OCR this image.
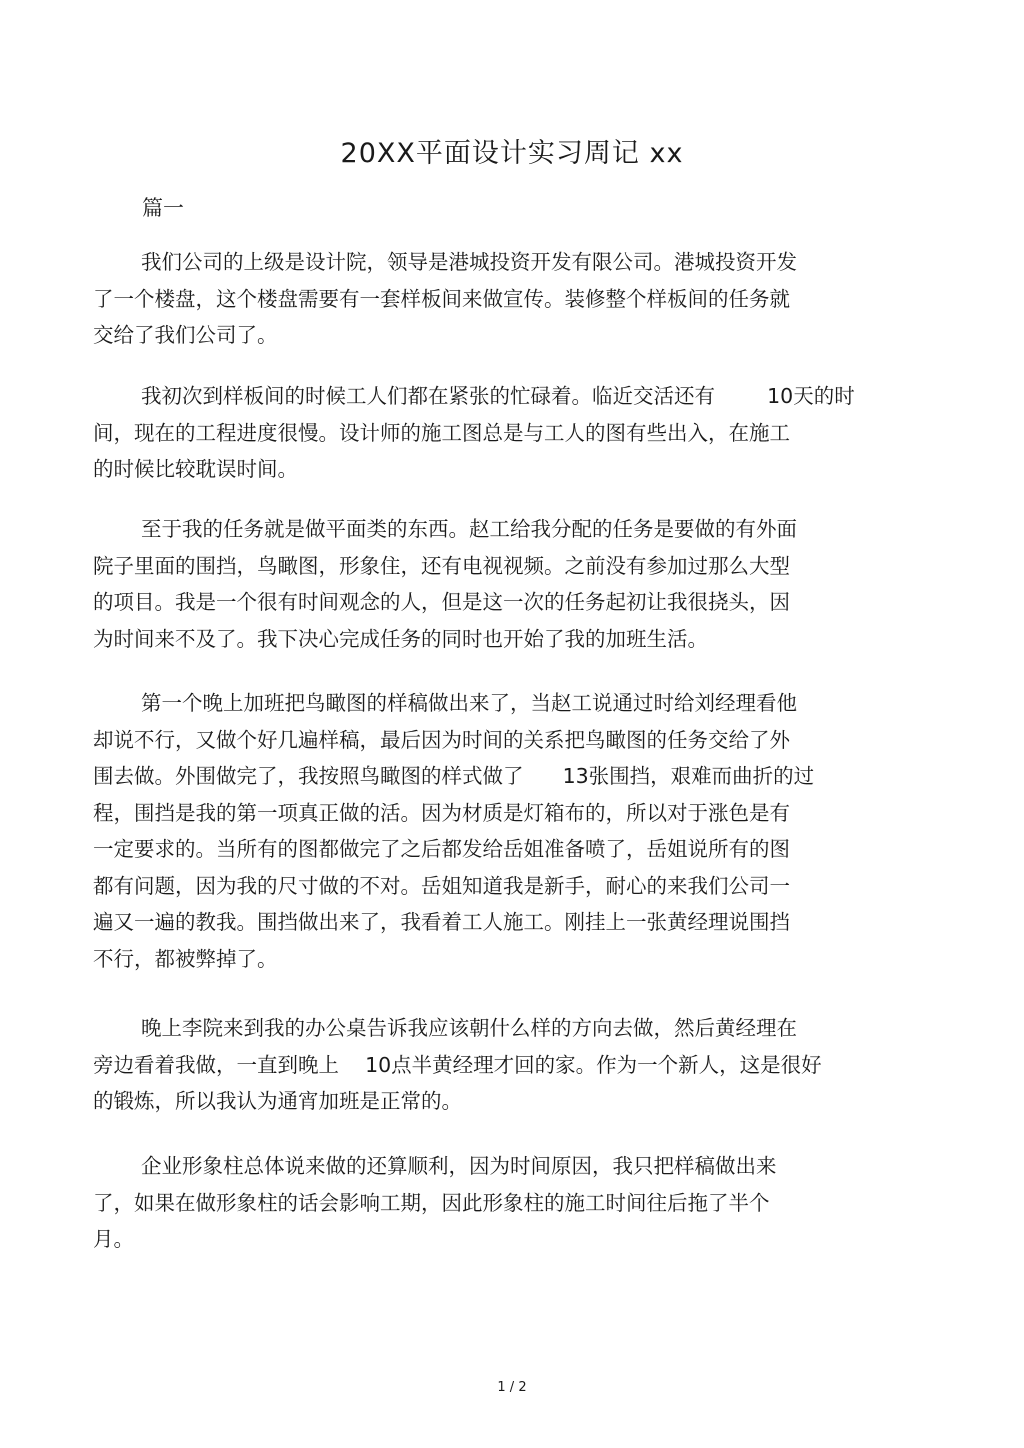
20XX平面设计实习周记 xx
篇一
我们公司的上级是设计院，领导是港城投资开发有限公司。港城投资开发
了一个楼盘，这个楼盘需要有一套样板间来做宣传。装修整个样板间的任务就
交给了我们公司了。
我初次到样板间的时候工人们都在紧张的忙碌着。临近交活还有        10天的时
间，现在的工程进度很慢。设计师的施工图总是与工人的图有些出入，在施工
的时候比较耽误时间。
至于我的任务就是做平面类的东西。赵工给我分配的任务是要做的有外面
院子里面的围挡，鸟瞰图，形象住，还有电视视频。之前没有参加过那么大型
的项目。我是一个很有时间观念的人，但是这一次的任务起初让我很挠头，因
为时间来不及了。我下决心完成任务的同时也开始了我的加班生活。
第一个晚上加班把鸟瞰图的样稿做出来了，当赵工说通过时给刘经理看他
却说不行，又做个好几遍样稿，最后因为时间的关系把鸟瞰图的任务交给了外
围去做。外围做完了，我按照鸟瞰图的样式做了      13张围挡，艰难而曲折的过
程，围挡是我的第一项真正做的活。因为材质是灯箱布的，所以对于涨色是有
一定要求的。当所有的图都做完了之后都发给岳姐准备喷了，岳姐说所有的图
都有问题，因为我的尺寸做的不对。岳姐知道我是新手，耐心的来我们公司一
遍又一遍的教我。围挡做出来了，我看着工人施工。刚挂上一张黄经理说围挡
不行，都被弊掉了。
晚上李院来到我的办公桌告诉我应该朝什么样的方向去做，然后黄经理在
旁边看着我做，一直到晚上    10点半黄经理才回的家。作为一个新人，这是很好
的锻炼，所以我认为通宵加班是正常的。
企业形象柱总体说来做的还算顺利，因为时间原因，我只把样稿做出来
了，如果在做形象柱的话会影响工期，因此形象柱的施工时间往后拖了半个
月。
1 / 2
